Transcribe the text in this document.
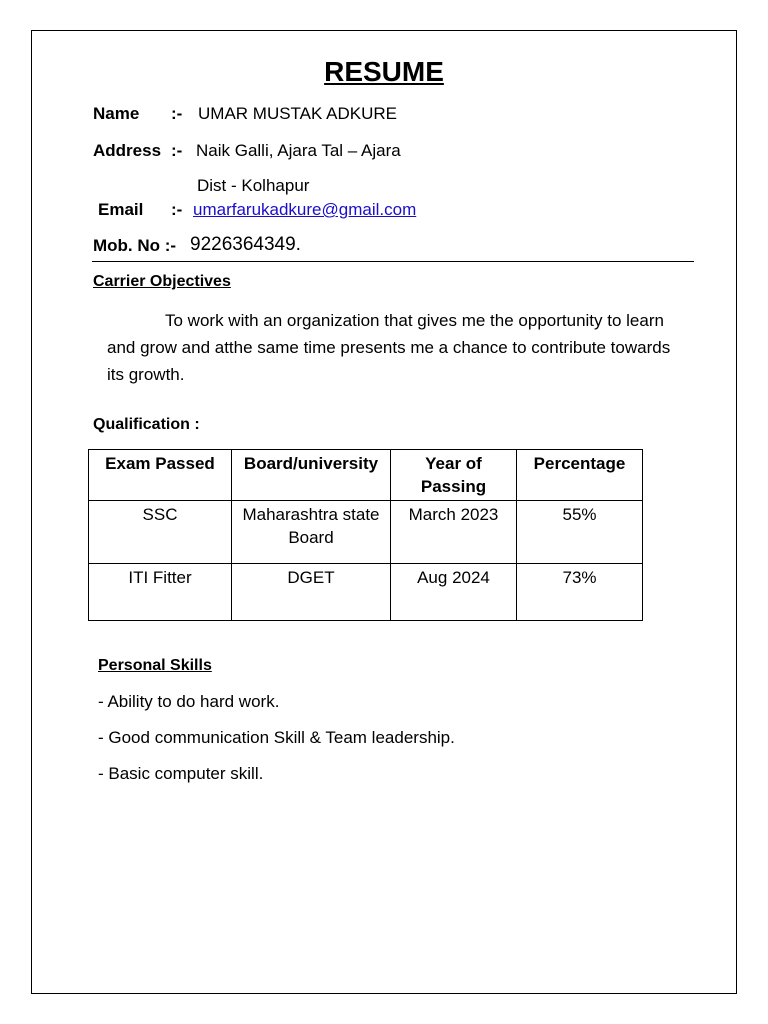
RESUME
Name :- UMAR MUSTAK ADKURE
Address :- Naik Galli, Ajara Tal – Ajara
Dist - Kolhapur
Email :- umarfarukadkure@gmail.com
Mob. No :- 9226364349.
Carrier Objectives
To work with an organization that gives me the opportunity to learn and grow and atthe same time presents me a chance to contribute towards its growth.
Qualification :
Exam Passed	Board/university	Year of Passing	Percentage
SSC	Maharashtra state Board	March 2023	55%
ITI Fitter	DGET	Aug 2024	73%
Personal Skills
- Ability to do hard work.
- Good communication Skill & Team leadership.
- Basic computer skill.
